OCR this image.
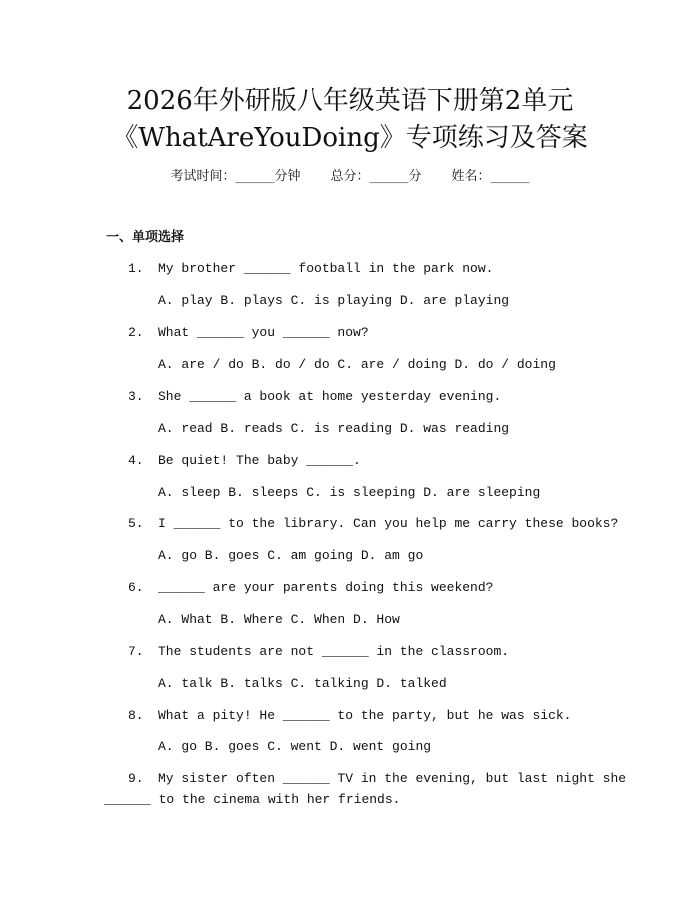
2026年外研版八年级英语下册第2单元
《WhatAreYouDoing》专项练习及答案
考试时间：______分钟 总分：______分 姓名：______
一、单项选择
1. My brother ______ football in the park now.
A. play B. plays C. is playing D. are playing
2. What ______ you ______ now?
A. are / do B. do / do C. are / doing D. do / doing
3. She ______ a book at home yesterday evening.
A. read B. reads C. is reading D. was reading
4. Be quiet! The baby ______.
A. sleep B. sleeps C. is sleeping D. are sleeping
5. I ______ to the library. Can you help me carry these books?
A. go B. goes C. am going D. am go
6. ______ are your parents doing this weekend?
A. What B. Where C. When D. How
7. The students are not ______ in the classroom.
A. talk B. talks C. talking D. talked
8. What a pity! He ______ to the party, but he was sick.
A. go B. goes C. went D. went going
9. My sister often ______ TV in the evening, but last night she
______ to the cinema with her friends.
